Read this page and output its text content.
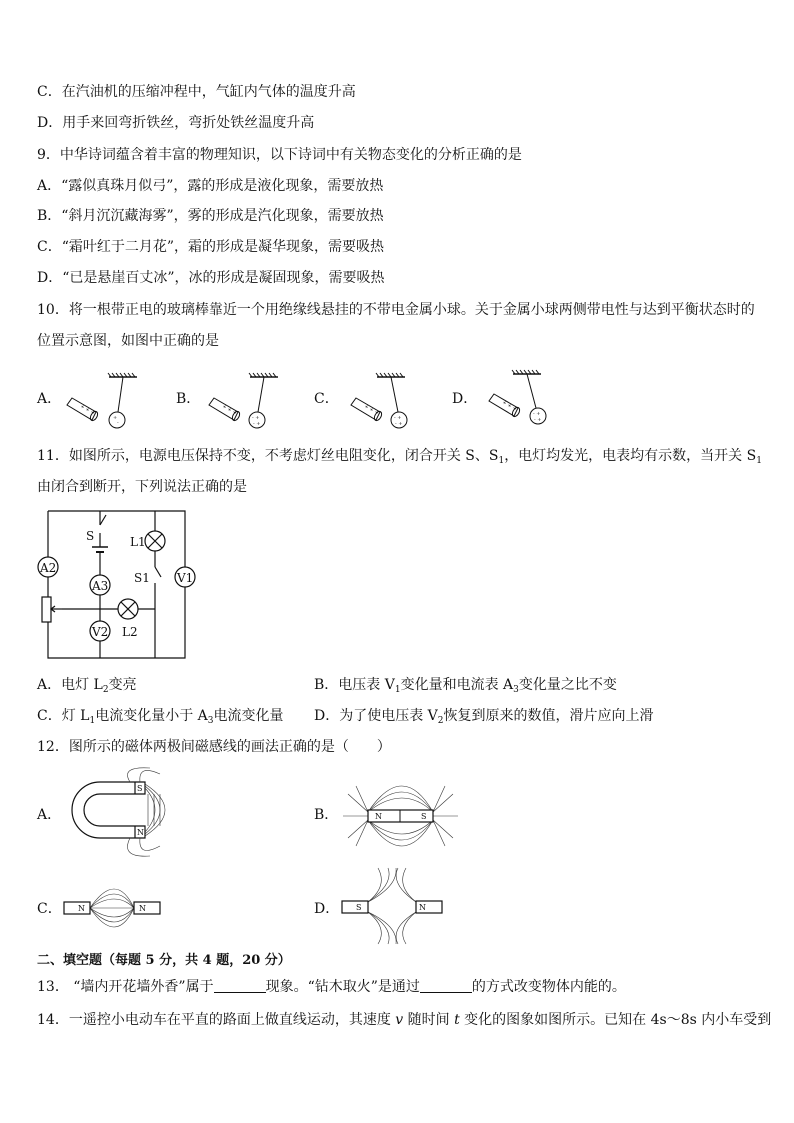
C．在汽油机的压缩冲程中，气缸内气体的温度升高
D．用手来回弯折铁丝，弯折处铁丝温度升高
9．中华诗词蕴含着丰富的物理知识，以下诗词中有关物态变化的分析正确的是
A．“露似真珠月似弓”，露的形成是液化现象，需要放热
B．“斜月沉沉藏海雾”，雾的形成是汽化现象，需要放热
C．“霜叶红于二月花”，霜的形成是凝华现象，需要吸热
D．“已是悬崖百丈冰”，冰的形成是凝固现象，需要吸热
10．将一根带正电的玻璃棒靠近一个用绝缘线悬挂的不带电金属小球。关于金属小球两侧带电性与达到平衡状态时的
位置示意图，如图中正确的是
A．	B．	C．	D．
+
-
+ + +
- +
- +
+ + +
- +
- +
+ + +	- +
- +
+ + +
11．如图所示，电源电压保持不变，不考虑灯丝电阻变化，闭合开关 S、$S_1$，电灯均发光，电表均有示数，当开关 $S_1$
由闭合到断开，下列说法正确的是
A2
A3
V2
V1
S
S1
L1
L2
A．电灯 $L_2$变亮	B．电压表 $V_1$变化量和电流表 $A_3$变化量之比不变
C．灯 $L_1$电流变化量小于 $A_3$电流变化量 D．为了使电压表 $V_2$恢复到原来的数值，滑片应向上滑
12．图所示的磁体两极间磁感线的画法正确的是（　　）
A．	B．
C．	D．
S
N
N	S
N	N	S	N
二、填空题（每题 5 分，共 4 题，20 分）
13． “墙内开花墙外香”属于	现象。“钻木取火”是通过	的方式改变物体内能的。
14．一遥控小电动车在平直的路面上做直线运动，其速度 v 随时间 t 变化的图象如图所示。已知在 4s～8s 内小车受到
